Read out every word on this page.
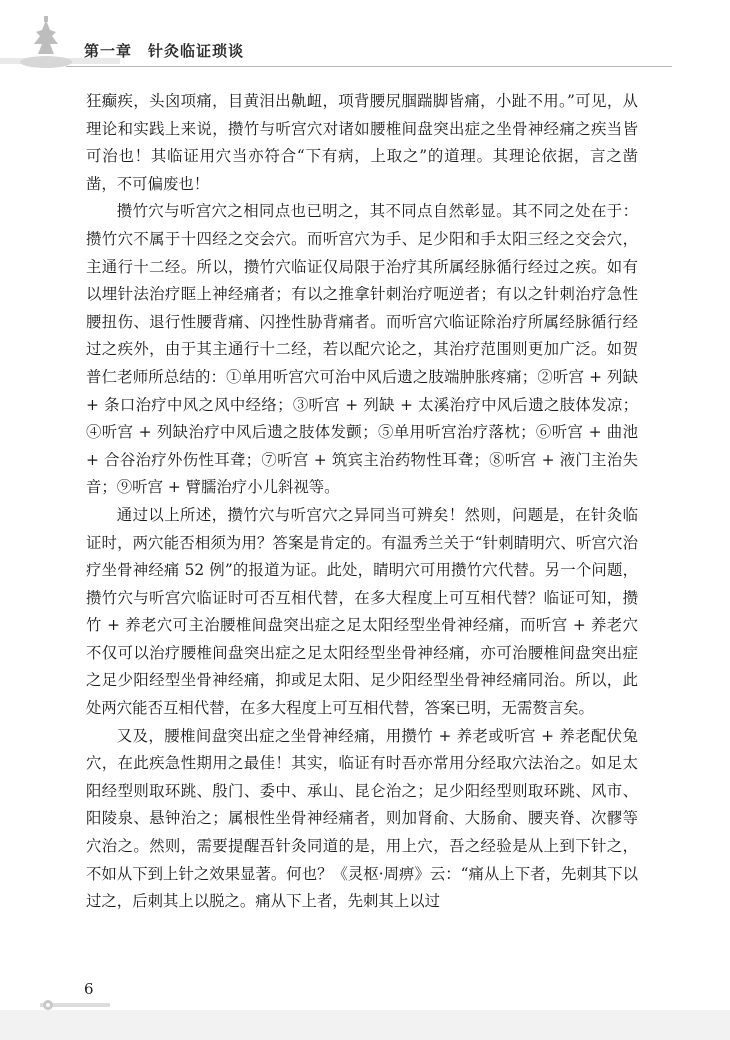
第一章　针灸临证琐谈

狂癫疾，头囟项痛，目黄泪出鼽衄，项背腰尻腘踹脚皆痛，小趾不用。”可见，从理论和实践上来说，攒竹与听宫穴对诸如腰椎间盘突出症之坐骨神经痛之疾当皆可治也！其临证用穴当亦符合“下有病，上取之”的道理。其理论依据，言之凿凿，不可偏废也！

攒竹穴与听宫穴之相同点也已明之，其不同点自然彰显。其不同之处在于：攒竹穴不属于十四经之交会穴。而听宫穴为手、足少阳和手太阳三经之交会穴，主通行十二经。所以，攒竹穴临证仅局限于治疗其所属经脉循行经过之疾。如有以埋针法治疗眶上神经痛者；有以之推拿针刺治疗呃逆者；有以之针刺治疗急性腰扭伤、退行性腰背痛、闪挫性胁背痛者。而听宫穴临证除治疗所属经脉循行经过之疾外，由于其主通行十二经，若以配穴论之，其治疗范围则更加广泛。如贺普仁老师所总结的：①单用听宫穴可治中风后遗之肢端肿胀疼痛；②听宫 + 列缺 + 条口治疗中风之风中经络；③听宫 + 列缺 + 太溪治疗中风后遗之肢体发凉；④听宫 + 列缺治疗中风后遗之肢体发颤；⑤单用听宫治疗落枕；⑥听宫 + 曲池 + 合谷治疗外伤性耳聋；⑦听宫 + 筑宾主治药物性耳聋；⑧听宫 + 液门主治失音；⑨听宫 + 臂臑治疗小儿斜视等。

通过以上所述，攒竹穴与听宫穴之异同当可辨矣！然则，问题是，在针灸临证时，两穴能否相须为用？答案是肯定的。有温秀兰关于“针刺睛明穴、听宫穴治疗坐骨神经痛 52 例”的报道为证。此处，睛明穴可用攒竹穴代替。另一个问题，攒竹穴与听宫穴临证时可否互相代替，在多大程度上可互相代替？临证可知，攒竹 + 养老穴可主治腰椎间盘突出症之足太阳经型坐骨神经痛，而听宫 + 养老穴不仅可以治疗腰椎间盘突出症之足太阳经型坐骨神经痛，亦可治腰椎间盘突出症之足少阳经型坐骨神经痛，抑或足太阳、足少阳经型坐骨神经痛同治。所以，此处两穴能否互相代替，在多大程度上可互相代替，答案已明，无需赘言矣。

又及，腰椎间盘突出症之坐骨神经痛，用攒竹 + 养老或听宫 + 养老配伏兔穴，在此疾急性期用之最佳！其实，临证有时吾亦常用分经取穴法治之。如足太阳经型则取环跳、殷门、委中、承山、昆仑治之；足少阳经型则取环跳、风市、阳陵泉、悬钟治之；属根性坐骨神经痛者，则加肾俞、大肠俞、腰夹脊、次髎等穴治之。然则，需要提醒吾针灸同道的是，用上穴，吾之经验是从上到下针之，不如从下到上针之效果显著。何也？《灵枢·周痹》云：“痛从上下者，先刺其下以过之，后刺其上以脱之。痛从下上者，先刺其上以过

6
